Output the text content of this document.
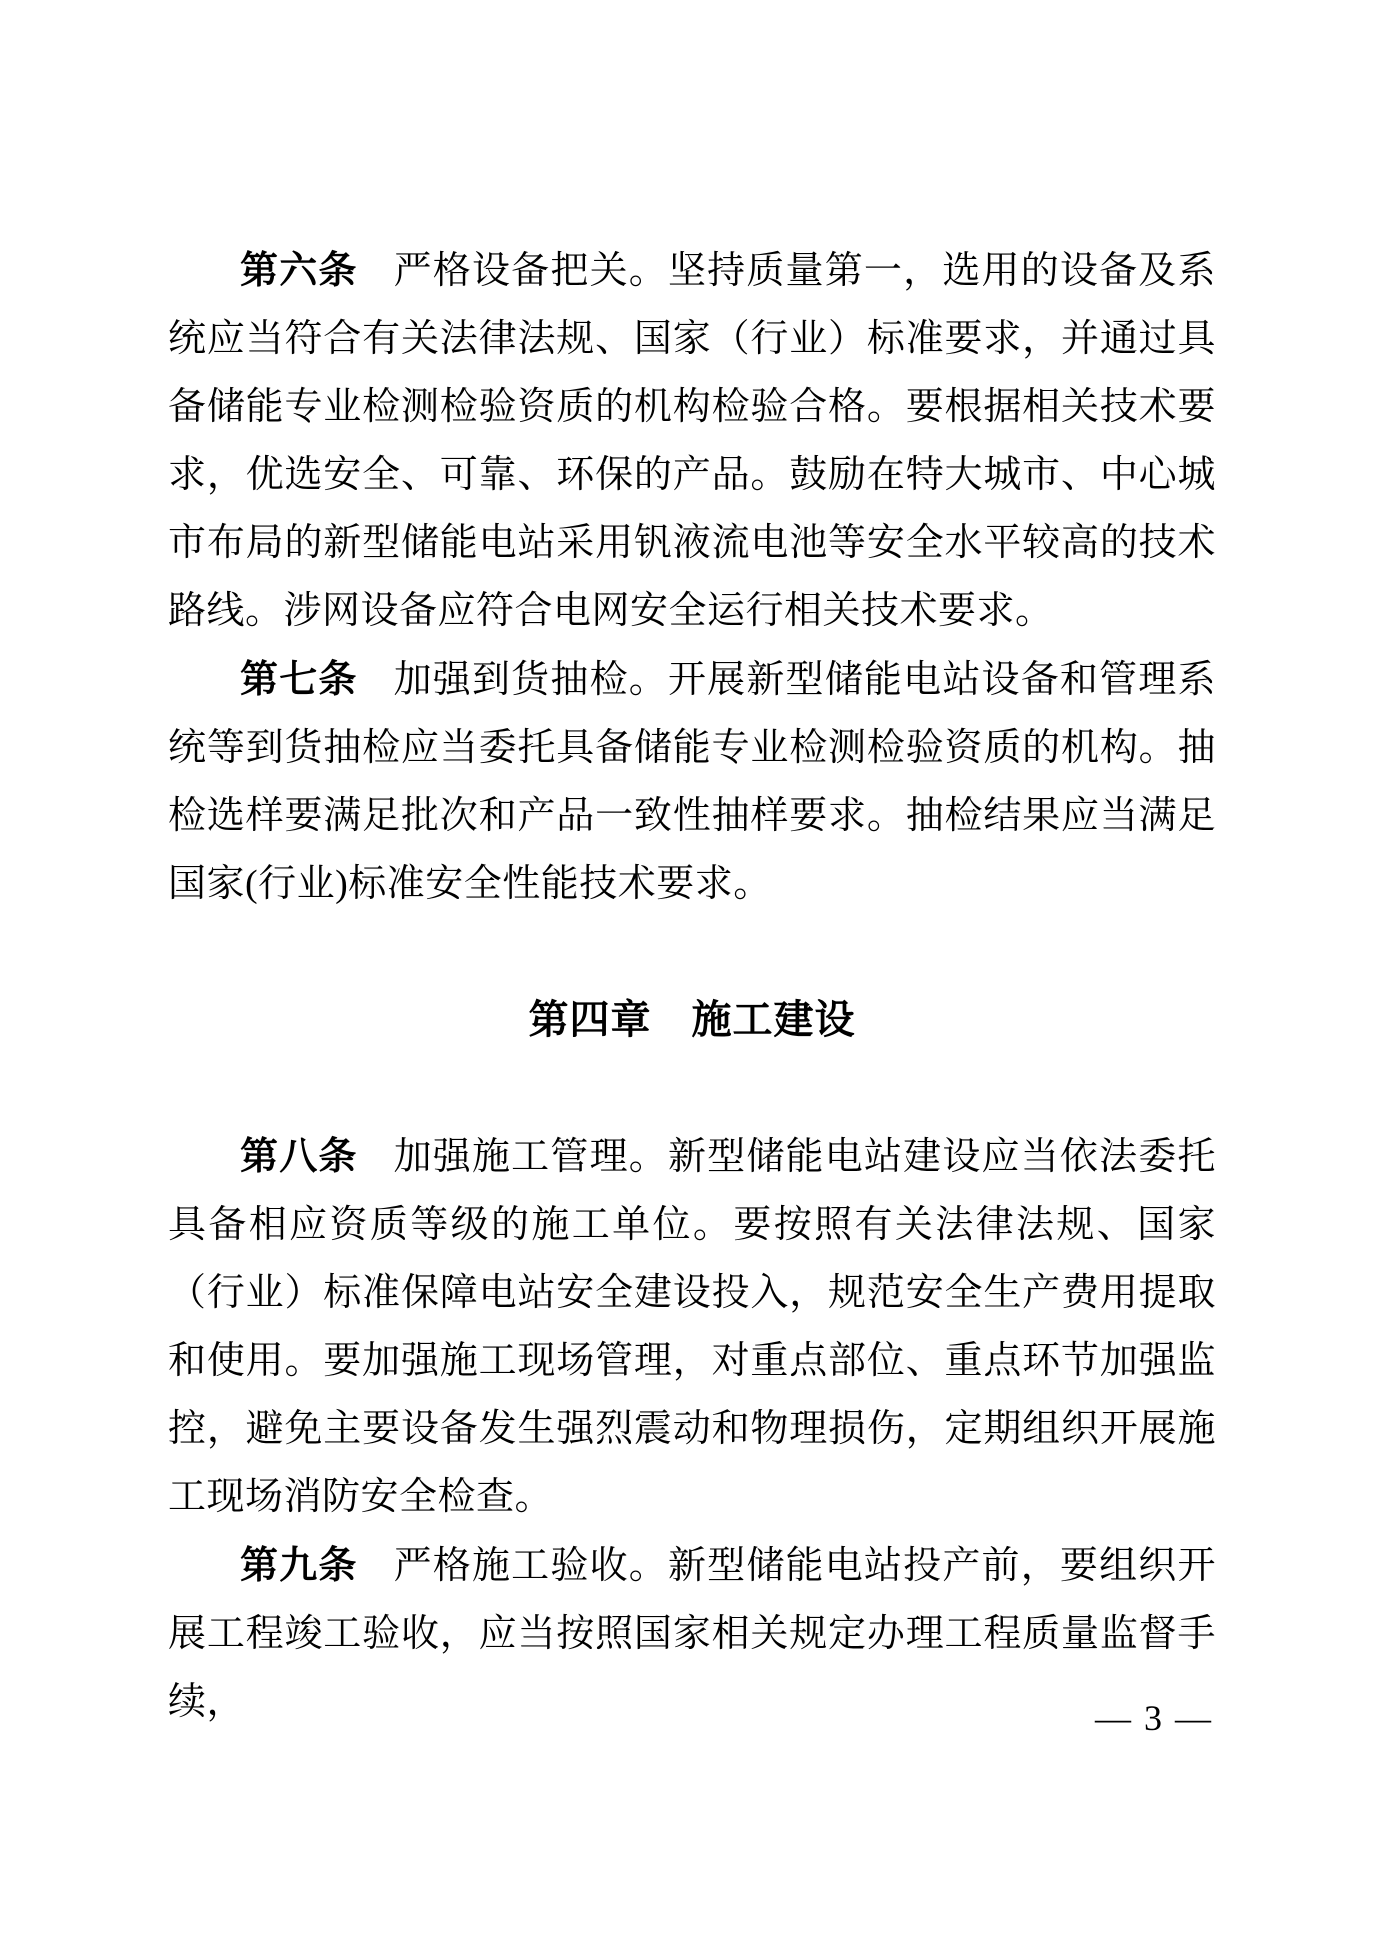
第六条 严格设备把关。坚持质量第一，选用的设备及系统应当符合有关法律法规、国家（行业）标准要求，并通过具备储能专业检测检验资质的机构检验合格。要根据相关技术要求，优选安全、可靠、环保的产品。鼓励在特大城市、中心城市布局的新型储能电站采用钒液流电池等安全水平较高的技术路线。涉网设备应符合电网安全运行相关技术要求。

第七条 加强到货抽检。开展新型储能电站设备和管理系统等到货抽检应当委托具备储能专业检测检验资质的机构。抽检选样要满足批次和产品一致性抽样要求。抽检结果应当满足国家(行业)标准安全性能技术要求。

第四章 施工建设

第八条 加强施工管理。新型储能电站建设应当依法委托具备相应资质等级的施工单位。要按照有关法律法规、国家（行业）标准保障电站安全建设投入，规范安全生产费用提取和使用。要加强施工现场管理，对重点部位、重点环节加强监控，避免主要设备发生强烈震动和物理损伤，定期组织开展施工现场消防安全检查。

第九条 严格施工验收。新型储能电站投产前，要组织开展工程竣工验收，应当按照国家相关规定办理工程质量监督手续，	— 3 —
